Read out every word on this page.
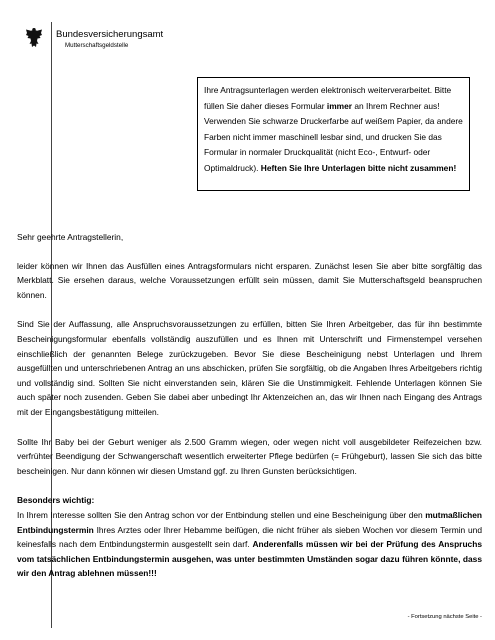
Bundesversicherungsamt
Mutterschaftsgeldstelle
Ihre Antragsunterlagen werden elektronisch weiterverarbeitet. Bitte füllen Sie daher dieses Formular immer an Ihrem Rechner aus! Verwenden Sie schwarze Druckerfarbe auf weißem Papier, da andere Farben nicht immer maschinell lesbar sind, und drucken Sie das Formular in normaler Druckqualität (nicht Eco-, Entwurf- oder Optimaldruck). Heften Sie Ihre Unterlagen bitte nicht zusammen!

Sehr geehrte Antragstellerin,

leider können wir Ihnen das Ausfüllen eines Antragsformulars nicht ersparen. Zunächst lesen Sie aber bitte sorgfältig das Merkblatt. Sie ersehen daraus, welche Voraussetzungen erfüllt sein müssen, damit Sie Mutterschaftsgeld beanspruchen können.

Sind Sie der Auffassung, alle Anspruchsvoraussetzungen zu erfüllen, bitten Sie Ihren Arbeitgeber, das für ihn bestimmte Bescheinigungsformular ebenfalls vollständig auszufüllen und es Ihnen mit Unterschrift und Firmenstempel versehen einschließlich der genannten Belege zurückzugeben. Bevor Sie diese Bescheinigung nebst Unterlagen und Ihrem ausgefüllten und unterschriebenen Antrag an uns abschicken, prüfen Sie sorgfältig, ob die Angaben Ihres Arbeitgebers richtig und vollständig sind. Sollten Sie nicht einverstanden sein, klären Sie die Unstimmigkeit. Fehlende Unterlagen können Sie auch später noch zusenden. Geben Sie dabei aber unbedingt Ihr Aktenzeichen an, das wir Ihnen nach Eingang des Antrags mit der Eingangsbestätigung mitteilen.

Sollte Ihr Baby bei der Geburt weniger als 2.500 Gramm wiegen, oder wegen nicht voll ausgebildeter Reifezeichen bzw. verfrühter Beendigung der Schwangerschaft wesentlich erweiterter Pflege bedürfen (= Frühgeburt), lassen Sie sich das bitte bescheinigen. Nur dann können wir diesen Umstand ggf. zu Ihren Gunsten berücksichtigen.

Besonders wichtig:
In Ihrem Interesse sollten Sie den Antrag schon vor der Entbindung stellen und eine Bescheinigung über den mutmaßlichen Entbindungstermin Ihres Arztes oder Ihrer Hebamme beifügen, die nicht früher als sieben Wochen vor diesem Termin und keinesfalls nach dem Entbindungstermin ausgestellt sein darf. Anderenfalls müssen wir bei der Prüfung des Anspruchs vom tatsächlichen Entbindungstermin ausgehen, was unter bestimmten Umständen sogar dazu führen könnte, dass wir den Antrag ablehnen müssen!!!

- Fortsetzung nächste Seite -
